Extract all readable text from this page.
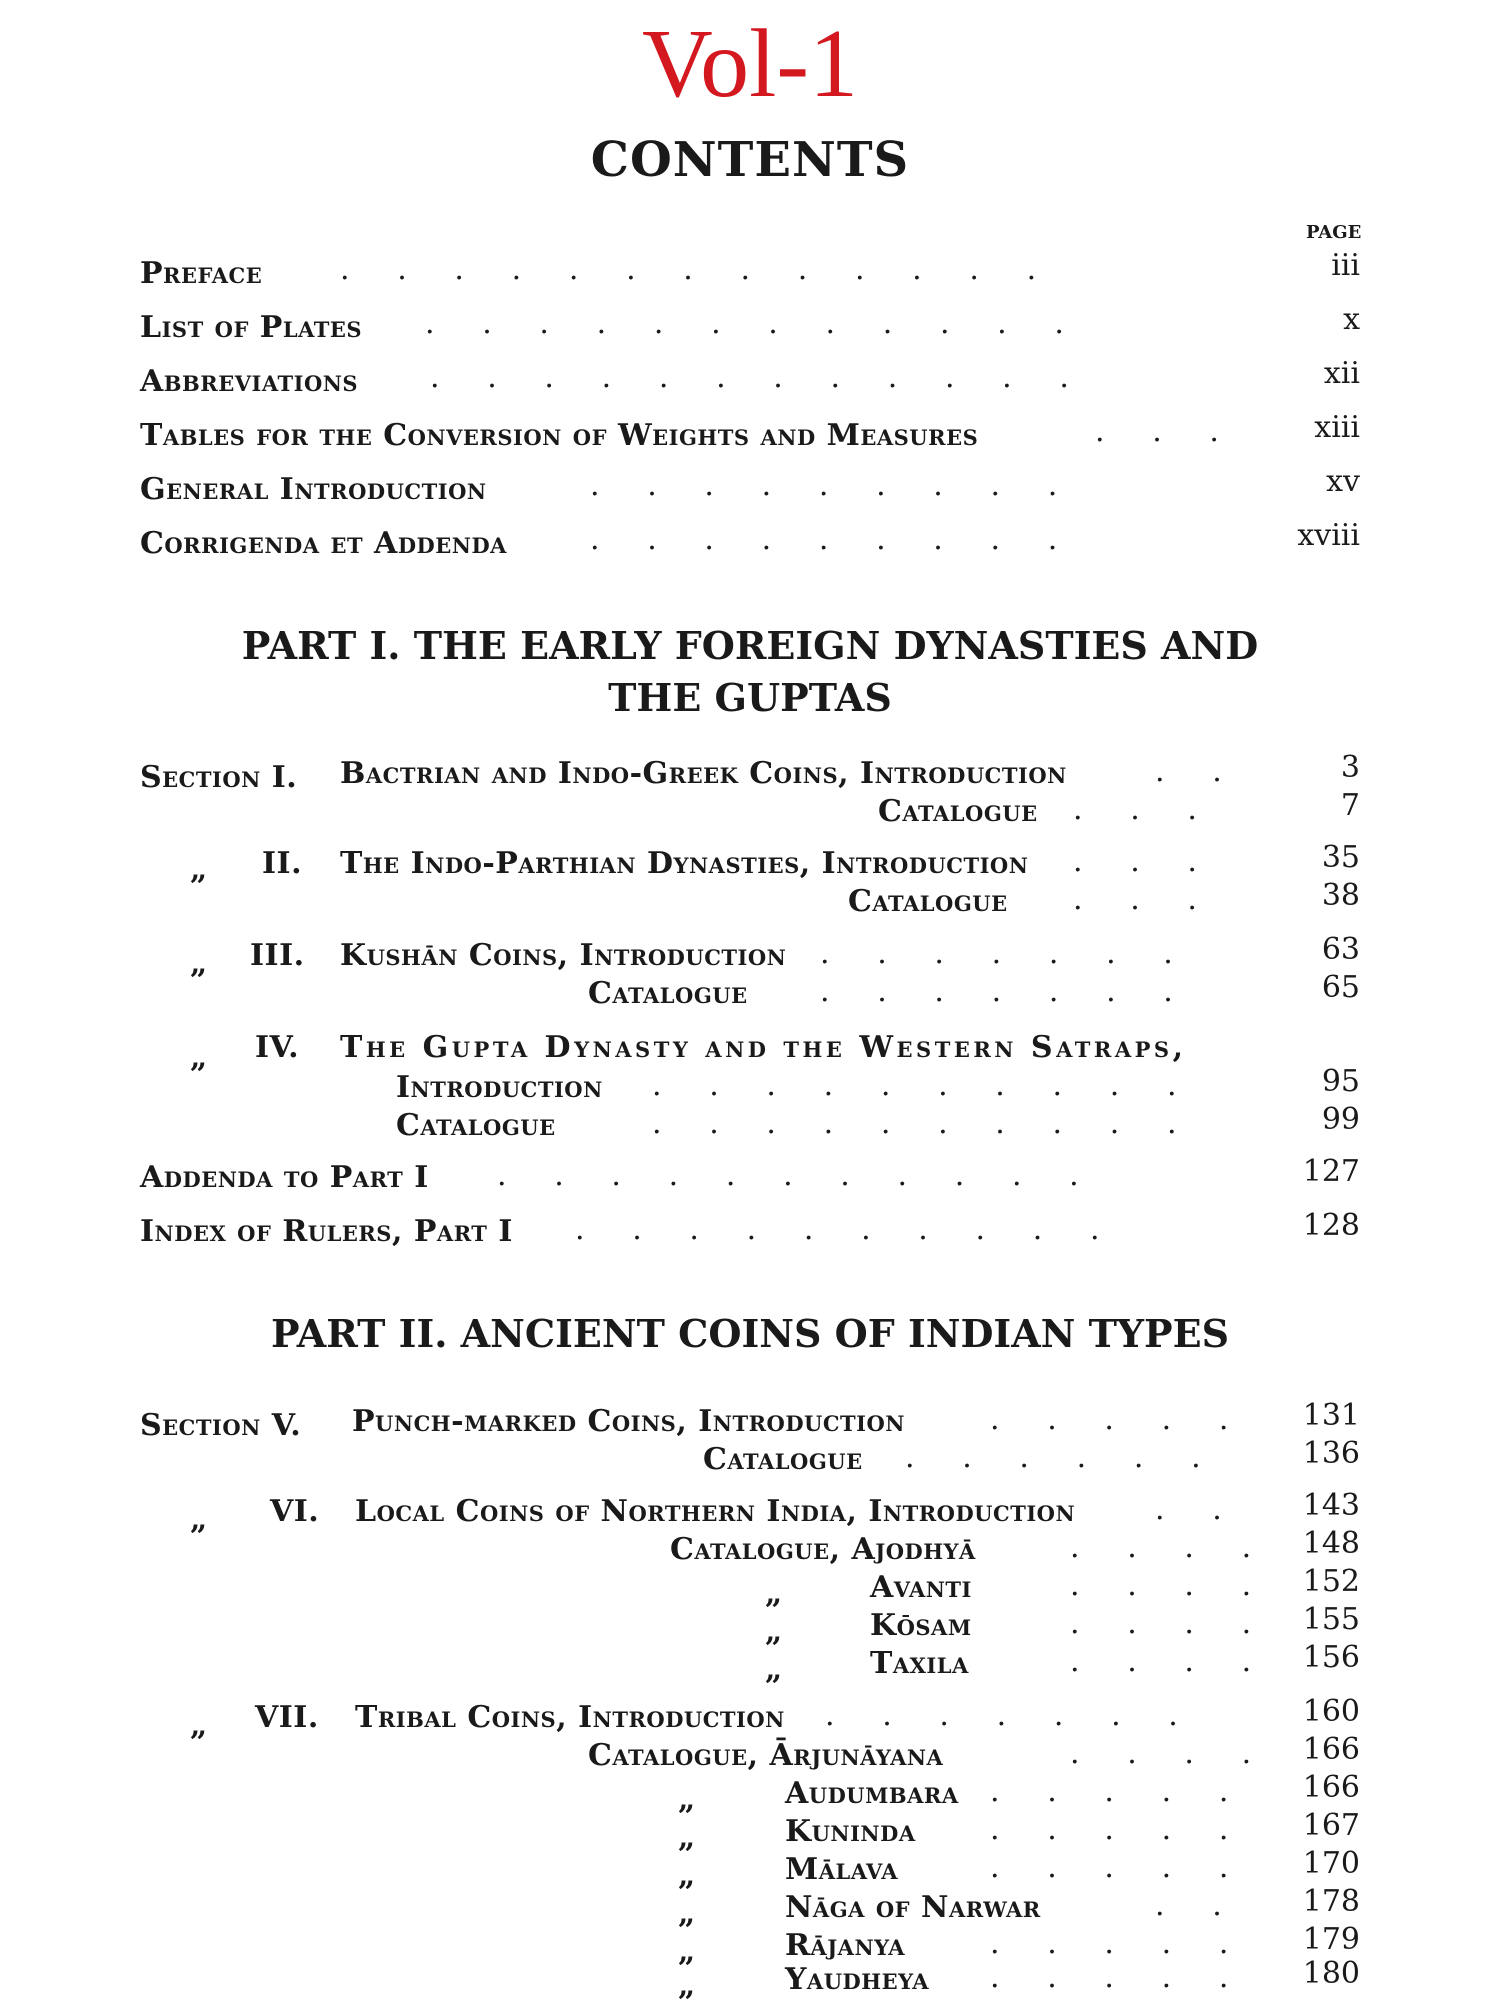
Vol-1
CONTENTS
PAGE
Preface	.     .     .     .     .     .     .     .     .     .     .     .     .	iii
List of Plates .     .     .     .     .     .     .     .     .     .     .     .	x
Abbreviations .     .     .     .     .     .     .     .     .     .     .     .	xii
Tables for the Conversion of Weights and Measures	.     .     .	xiii
General Introduction	.     .     .     .     .     .     .     .     .	xv
Corrigenda et Addenda	.     .     .     .     .     .     .     .     .	xviii
PART I. THE EARLY FOREIGN DYNASTIES AND
THE GUPTAS
Section I. Bactrian and Indo-Greek Coins, Introduction	.     .	3
Catalogue .     .     .	7
„ II. The Indo-Parthian Dynasties, Introduction .     .     .	35
Catalogue .     .     .	38
„ III. Kushān Coins, Introduction .     .     .     .     .     .     .	63
Catalogue .     .     .     .     .     .     .	65
„ IV. The Gupta Dynasty and the Western Satraps,
Introduction .     .     .     .     .     .     .     .     .     .	95
Catalogue	.     .     .     .     .     .     .     .     .     .	99
Addenda to Part I .     .     .     .     .     .     .     .     .     .     .	127
Index of Rulers, Part I .     .     .     .     .     .     .     .     .     .	128
PART II. ANCIENT COINS OF INDIAN TYPES
Section V. Punch-marked Coins, Introduction	.     .     .     .     .	131
Catalogue .     .     .     .     .     .	136
„ VI. Local Coins of Northern India, Introduction	.     .	143
Catalogue, Ajodhyā	.     .     .     .	148
„	Avanti	.     .     .     .	152
„	Kōsam	.     .     .     .	155
„	Taxila	.     .     .     .	156
„ VII. Tribal Coins, Introduction .     .     .     .     .     .     .	160
Catalogue, Ārjunāyana	.     .     .     .	166
„	Audumbara .     .     .     .     .	166
„	Kuninda .     .     .     .     .	167
„	Mālava	.     .     .     .     .	170
„	Nāga of Narwar	.     .	178
„	Rājanya	.     .     .     .     .	179
„	Yaudheya .     .     .     .     .	180
